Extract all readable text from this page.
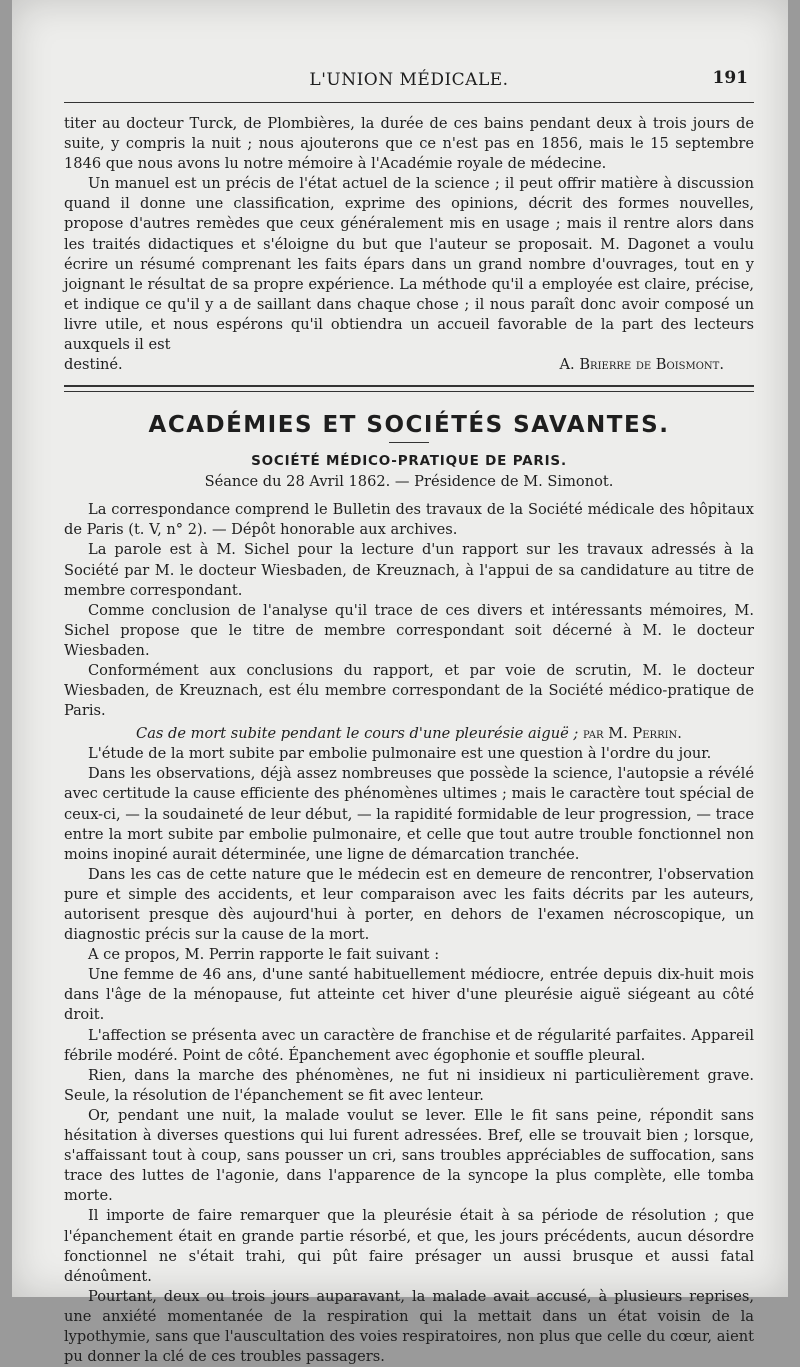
L'UNION MÉDICALE.	191

titer au docteur Turck, de Plombières, la durée de ces bains pendant deux à trois jours de suite, y compris la nuit ; nous ajouterons que ce n'est pas en 1856, mais le 15 septembre 1846 que nous avons lu notre mémoire à l'Académie royale de médecine.

Un manuel est un précis de l'état actuel de la science ; il peut offrir matière à discussion quand il donne une classification, exprime des opinions, décrit des formes nouvelles, propose d'autres remèdes que ceux généralement mis en usage ; mais il rentre alors dans les traités didactiques et s'éloigne du but que l'auteur se proposait. M. Dagonet a voulu écrire un résumé comprenant les faits épars dans un grand nombre d'ouvrages, tout en y joignant le résultat de sa propre expérience. La méthode qu'il a employée est claire, précise, et indique ce qu'il y a de saillant dans chaque chose ; il nous paraît donc avoir composé un livre utile, et nous espérons qu'il obtiendra un accueil favorable de la part des lecteurs auxquels il est

destiné.	A. Brierre de Boismont.
ACADÉMIES ET SOCIÉTÉS SAVANTES.
SOCIÉTÉ MÉDICO-PRATIQUE DE PARIS.
Séance du 28 Avril 1862. — Présidence de M. Simonot.

La correspondance comprend le Bulletin des travaux de la Société médicale des hôpitaux de Paris (t. V, n° 2). — Dépôt honorable aux archives.

La parole est à M. Sichel pour la lecture d'un rapport sur les travaux adressés à la Société par M. le docteur Wiesbaden, de Kreuznach, à l'appui de sa candidature au titre de membre correspondant.

Comme conclusion de l'analyse qu'il trace de ces divers et intéressants mémoires, M. Sichel propose que le titre de membre correspondant soit décerné à M. le docteur Wiesbaden.

Conformément aux conclusions du rapport, et par voie de scrutin, M. le docteur Wiesbaden, de Kreuznach, est élu membre correspondant de la Société médico-pratique de Paris.

Cas de mort subite pendant le cours d'une pleurésie aiguë ; par M. Perrin.

L'étude de la mort subite par embolie pulmonaire est une question à l'ordre du jour.

Dans les observations, déjà assez nombreuses que possède la science, l'autopsie a révélé avec certitude la cause efficiente des phénomènes ultimes ; mais le caractère tout spécial de ceux-ci, — la soudaineté de leur début, — la rapidité formidable de leur progression, — trace entre la mort subite par embolie pulmonaire, et celle que tout autre trouble fonctionnel non moins inopiné aurait déterminée, une ligne de démarcation tranchée.

Dans les cas de cette nature que le médecin est en demeure de rencontrer, l'observation pure et simple des accidents, et leur comparaison avec les faits décrits par les auteurs, autorisent presque dès aujourd'hui à porter, en dehors de l'examen nécroscopique, un diagnostic précis sur la cause de la mort.

A ce propos, M. Perrin rapporte le fait suivant :

Une femme de 46 ans, d'une santé habituellement médiocre, entrée depuis dix-huit mois dans l'âge de la ménopause, fut atteinte cet hiver d'une pleurésie aiguë siégeant au côté droit.

L'affection se présenta avec un caractère de franchise et de régularité parfaites. Appareil fébrile modéré. Point de côté. Épanchement avec égophonie et souffle pleural.

Rien, dans la marche des phénomènes, ne fut ni insidieux ni particulièrement grave. Seule, la résolution de l'épanchement se fit avec lenteur.

Or, pendant une nuit, la malade voulut se lever. Elle le fit sans peine, répondit sans hésitation à diverses questions qui lui furent adressées. Bref, elle se trouvait bien ; lorsque, s'affaissant tout à coup, sans pousser un cri, sans troubles appréciables de suffocation, sans trace des luttes de l'agonie, dans l'apparence de la syncope la plus complète, elle tomba morte.

Il importe de faire remarquer que la pleurésie était à sa période de résolution ; que l'épanchement était en grande partie résorbé, et que, les jours précédents, aucun désordre fonctionnel ne s'était trahi, qui pût faire présager un aussi brusque et aussi fatal dénoûment.

Pourtant, deux ou trois jours auparavant, la malade avait accusé, à plusieurs reprises, une anxiété momentanée de la respiration qui la mettait dans un état voisin de la lypothymie, sans que l'auscultation des voies respiratoires, non plus que celle du cœur, aient pu donner la clé de ces troubles passagers.
